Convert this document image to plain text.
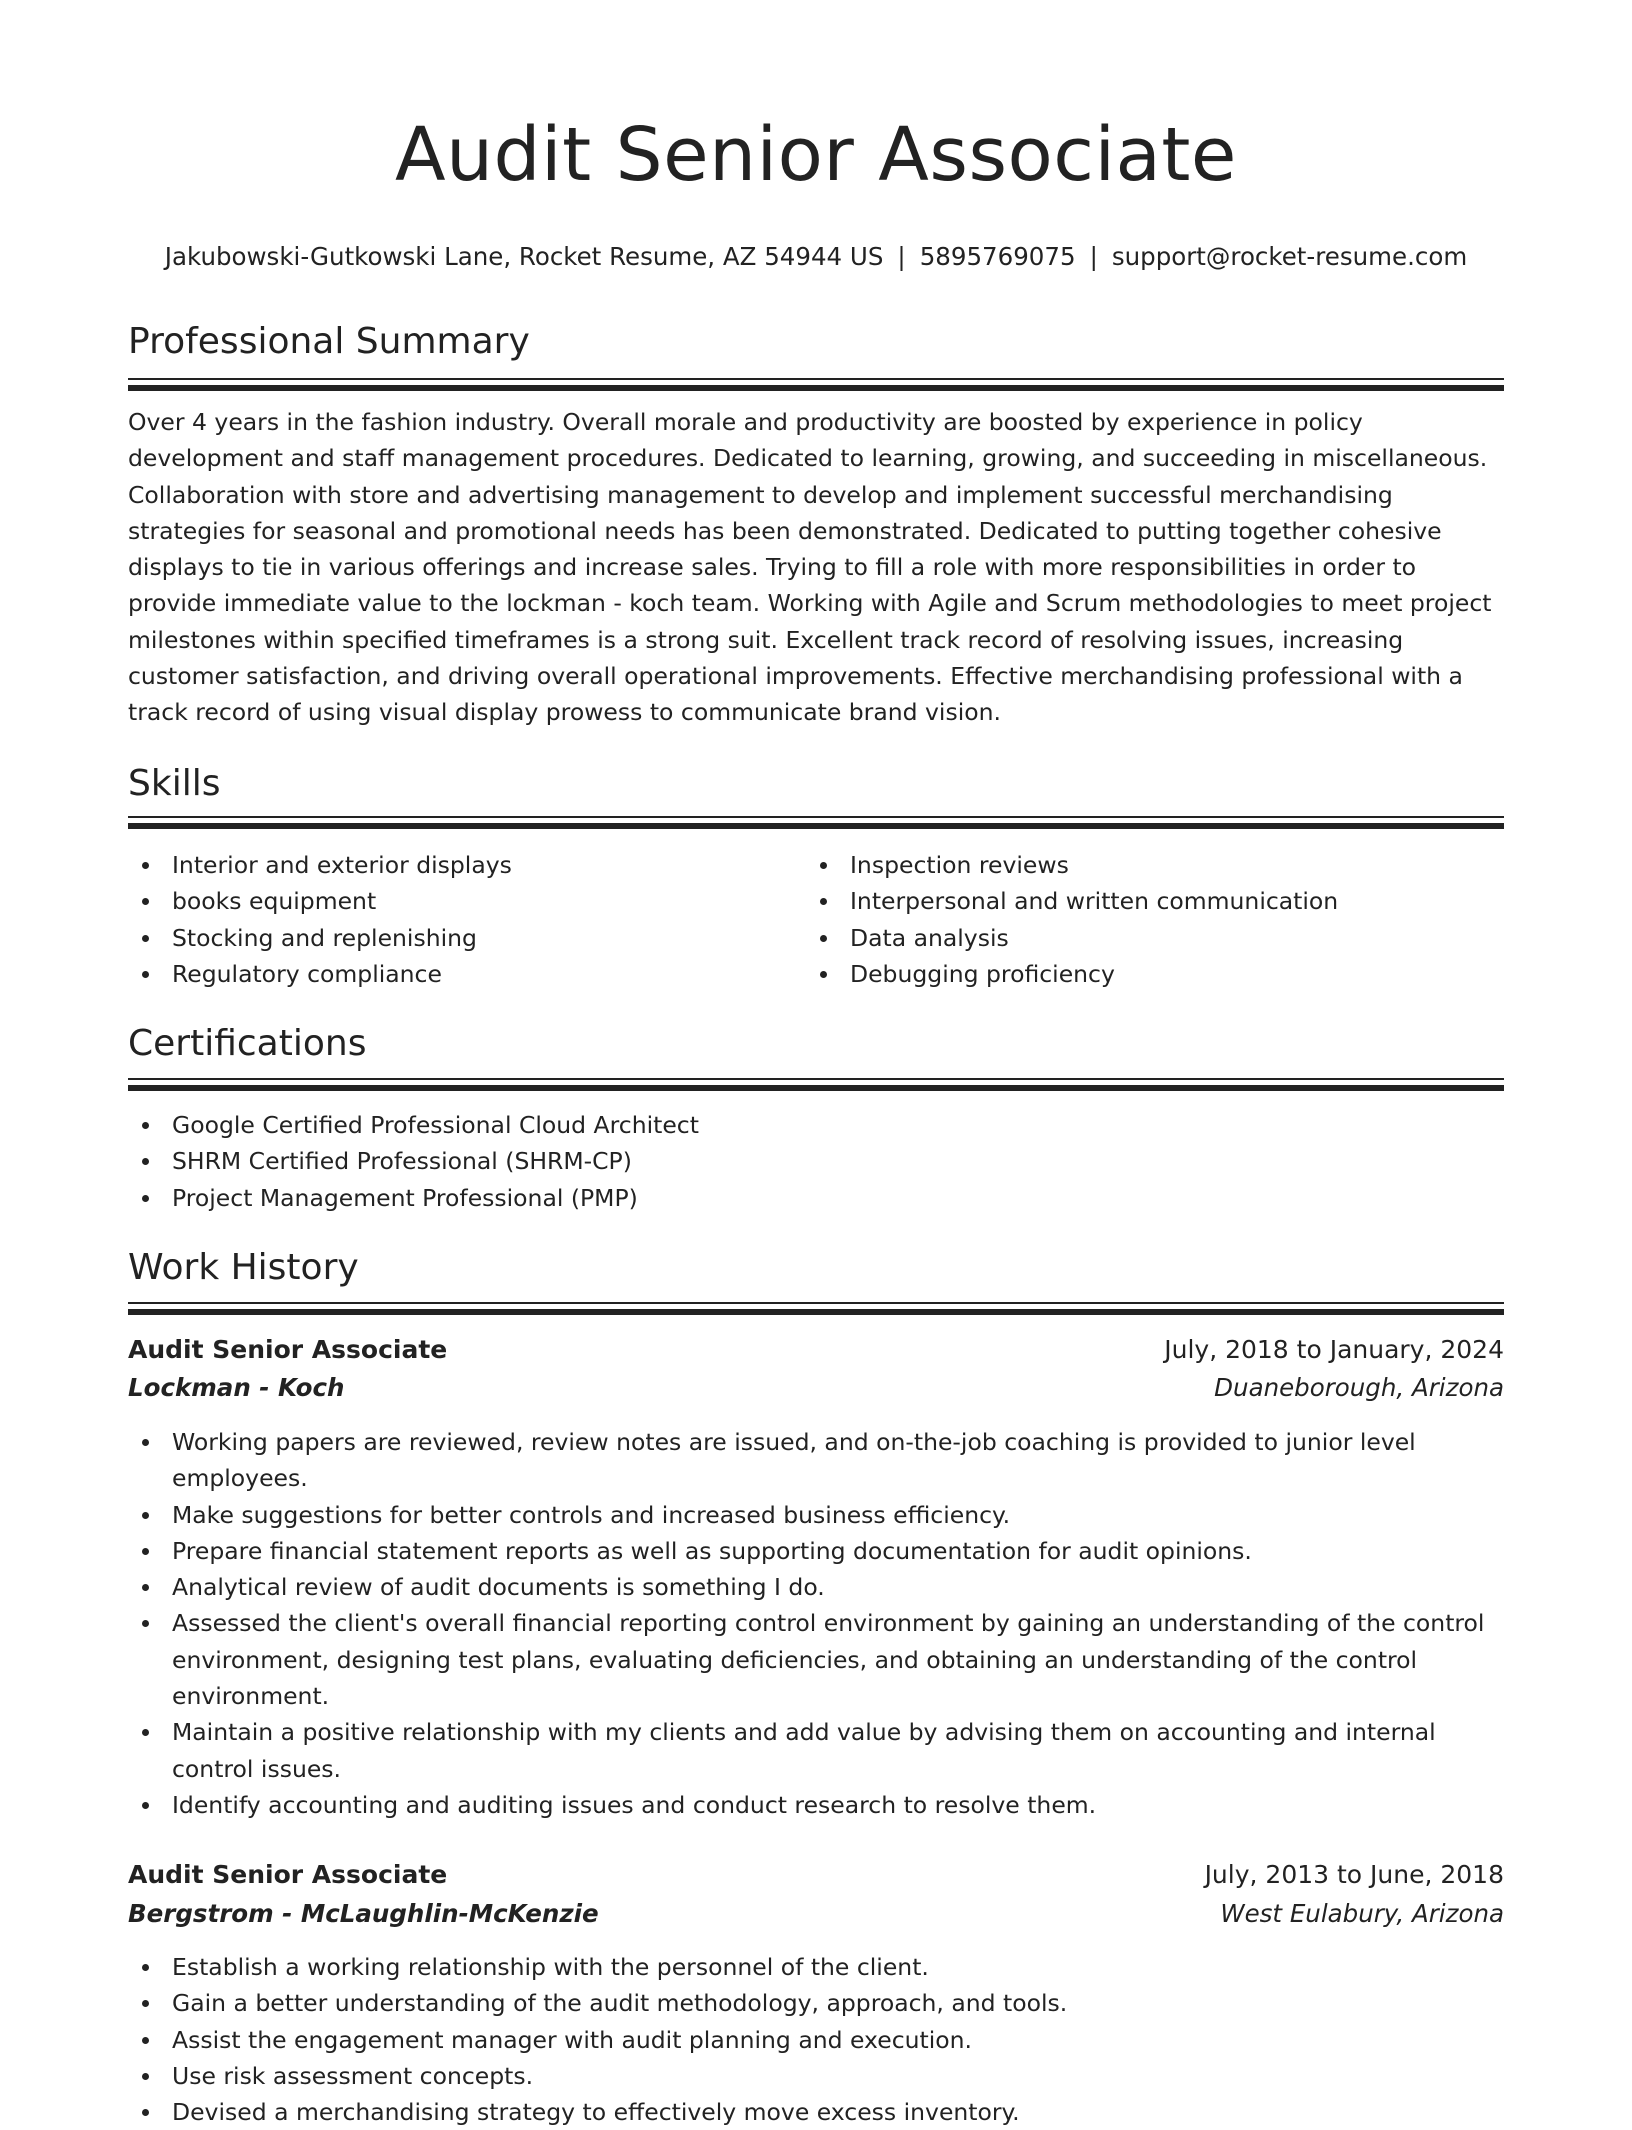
Audit Senior Associate
Jakubowski-Gutkowski Lane, Rocket Resume, AZ 54944 US | 5895769075 | support@rocket-resume.com
Professional Summary

Over 4 years in the fashion industry. Overall morale and productivity are boosted by experience in policy development and staff management procedures. Dedicated to learning, growing, and succeeding in miscellaneous. Collaboration with store and advertising management to develop and implement successful merchandising strategies for seasonal and promotional needs has been demonstrated. Dedicated to putting together cohesive displays to tie in various offerings and increase sales. Trying to fill a role with more responsibilities in order to provide immediate value to the lockman - koch team. Working with Agile and Scrum methodologies to meet project milestones within specified timeframes is a strong suit. Excellent track record of resolving issues, increasing customer satisfaction, and driving overall operational improvements. Effective merchandising professional with a track record of using visual display prowess to communicate brand vision.

Skills
Interior and exterior displays
books equipment
Stocking and replenishing
Regulatory compliance
Inspection reviews
Interpersonal and written communication
Data analysis
Debugging proficiency
Certifications
Google Certified Professional Cloud Architect
SHRM Certified Professional (SHRM-CP)
Project Management Professional (PMP)
Work History
Audit Senior Associate	July, 2018 to January, 2024
Lockman - Koch	Duaneborough, Arizona
Working papers are reviewed, review notes are issued, and on-the-job coaching is provided to junior level employees.
Make suggestions for better controls and increased business efficiency.
Prepare financial statement reports as well as supporting documentation for audit opinions.
Analytical review of audit documents is something I do.
Assessed the client's overall financial reporting control environment by gaining an understanding of the control environment, designing test plans, evaluating deficiencies, and obtaining an understanding of the control environment.
Maintain a positive relationship with my clients and add value by advising them on accounting and internal control issues.
Identify accounting and auditing issues and conduct research to resolve them.
Audit Senior Associate	July, 2013 to June, 2018
Bergstrom - McLaughlin-McKenzie	West Eulabury, Arizona
Establish a working relationship with the personnel of the client.
Gain a better understanding of the audit methodology, approach, and tools.
Assist the engagement manager with audit planning and execution.
Use risk assessment concepts.
Devised a merchandising strategy to effectively move excess inventory.
